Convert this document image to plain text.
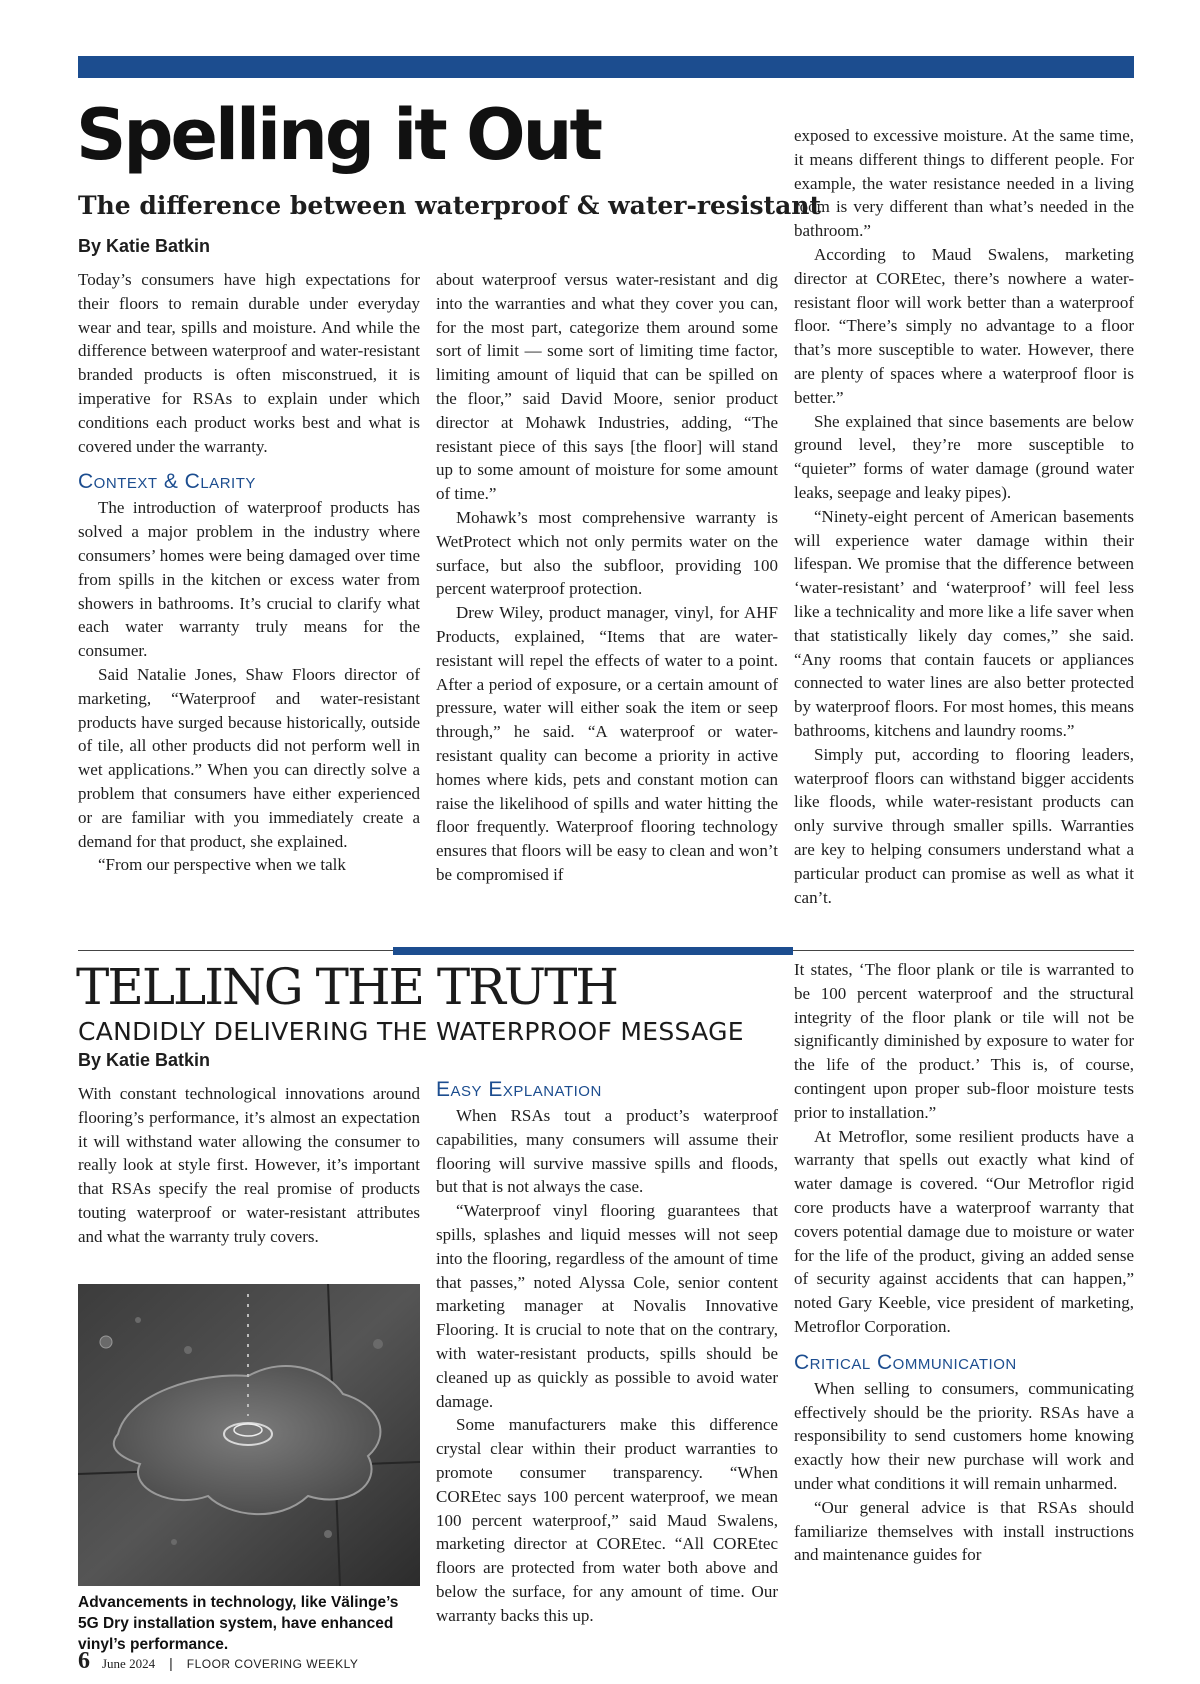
Spelling it Out
The difference between waterproof & water-resistant
By Katie Batkin

Today’s consumers have high expectations for their floors to remain durable under everyday wear and tear, spills and moisture. And while the difference between waterproof and water-resistant branded products is often misconstrued, it is imperative for RSAs to explain under which conditions each product works best and what is covered under the warranty.

Context & Clarity

The introduction of waterproof products has solved a major problem in the industry where consumers’ homes were being damaged over time from spills in the kitchen or excess water from showers in bathrooms. It’s crucial to clarify what each water warranty truly means for the consumer.

Said Natalie Jones, Shaw Floors director of marketing, “Waterproof and water-resistant products have surged because historically, outside of tile, all other products did not perform well in wet applications.” When you can directly solve a problem that consumers have either experienced or are familiar with you immediately create a demand for that product, she explained.

“From our perspective when we talk

about waterproof versus water-resistant and dig into the warranties and what they cover you can, for the most part, categorize them around some sort of limit — some sort of limiting time factor, limiting amount of liquid that can be spilled on the floor,” said David Moore, senior product director at Mohawk Industries, adding, “The resistant piece of this says [the floor] will stand up to some amount of moisture for some amount of time.”

Mohawk’s most comprehensive warranty is WetProtect which not only permits water on the surface, but also the subfloor, providing 100 percent waterproof protection.

Drew Wiley, product manager, vinyl, for AHF Products, explained, “Items that are water-resistant will repel the effects of water to a point. After a period of exposure, or a certain amount of pressure, water will either soak the item or seep through,” he said. “A waterproof or water-resistant quality can become a priority in active homes where kids, pets and constant motion can raise the likelihood of spills and water hitting the floor frequently. Waterproof flooring technology ensures that floors will be easy to clean and won’t be compromised if

exposed to excessive moisture. At the same time, it means different things to different people. For example, the water resistance needed in a living room is very different than what’s needed in the bathroom.”

According to Maud Swalens, marketing director at COREtec, there’s nowhere a water-resistant floor will work better than a waterproof floor. “There’s simply no advantage to a floor that’s more susceptible to water. However, there are plenty of spaces where a waterproof floor is better.”

She explained that since basements are below ground level, they’re more susceptible to “quieter” forms of water damage (ground water leaks, seepage and leaky pipes).

“Ninety-eight percent of American basements will experience water damage within their lifespan. We promise that the difference between ‘water-resistant’ and ‘waterproof’ will feel less like a technicality and more like a life saver when that statistically likely day comes,” she said. “Any rooms that contain faucets or appliances connected to water lines are also better protected by waterproof floors. For most homes, this means bathrooms, kitchens and laundry rooms.”

Simply put, according to flooring leaders, waterproof floors can withstand bigger accidents like floods, while water-resistant products can only survive through smaller spills. Warranties are key to helping consumers understand what a particular product can promise as well as what it can’t.

TELLING THE TRUTH
CANDIDLY DELIVERING THE WATERPROOF MESSAGE
By Katie Batkin

With constant technological innovations around flooring’s performance, it’s almost an expectation it will withstand water allowing the consumer to really look at style first. However, it’s important that RSAs specify the real promise of products touting waterproof or water-resistant attributes and what the warranty truly covers.

Advancements in technology, like Välinge’s 5G Dry installation system, have enhanced vinyl’s performance.

Easy Explanation

When RSAs tout a product’s waterproof capabilities, many consumers will assume their flooring will survive massive spills and floods, but that is not always the case.

“Waterproof vinyl flooring guarantees that spills, splashes and liquid messes will not seep into the flooring, regardless of the amount of time that passes,” noted Alyssa Cole, senior content marketing manager at Novalis Innovative Flooring. It is crucial to note that on the contrary, with water-resistant products, spills should be cleaned up as quickly as possible to avoid water damage.

Some manufacturers make this difference crystal clear within their product warranties to promote consumer transparency. “When COREtec says 100 percent waterproof, we mean 100 percent waterproof,” said Maud Swalens, marketing director at COREtec. “All COREtec floors are protected from water both above and below the surface, for any amount of time. Our warranty backs this up.

It states, ‘The floor plank or tile is warranted to be 100 percent waterproof and the structural integrity of the floor plank or tile will not be significantly diminished by exposure to water for the life of the product.’ This is, of course, contingent upon proper sub-floor moisture tests prior to installation.”

At Metroflor, some resilient products have a warranty that spells out exactly what kind of water damage is covered. “Our Metroflor rigid core products have a waterproof warranty that covers potential damage due to moisture or water for the life of the product, giving an added sense of security against accidents that can happen,” noted Gary Keeble, vice president of marketing, Metroflor Corporation.

Critical Communication

When selling to consumers, communicating effectively should be the priority. RSAs have a responsibility to send customers home knowing exactly how their new purchase will work and under what conditions it will remain unharmed.

“Our general advice is that RSAs should familiarize themselves with install instructions and maintenance guides for

6 June 2024 | FLOOR COVERING WEEKLY
